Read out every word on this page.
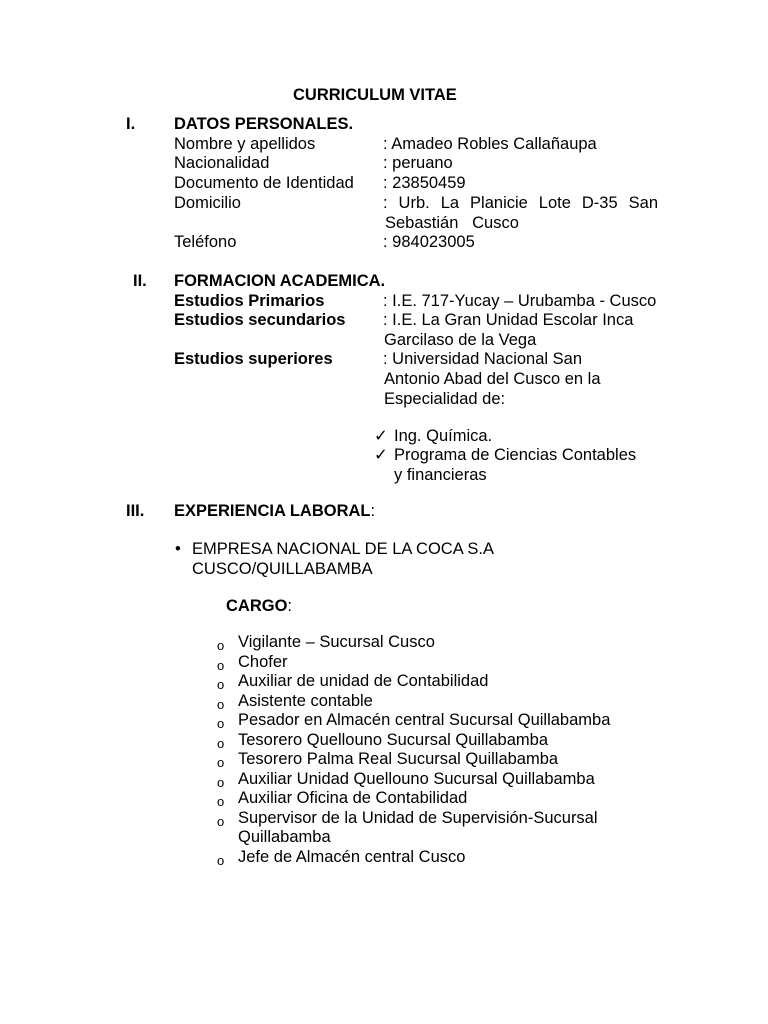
CURRICULUM VITAE
I. DATOS PERSONALES.
Nombre y apellidos	: Amadeo Robles Callañaupa
Nacionalidad	: peruano
Documento de Identidad : 23850459
Domicilio	: Urb. La Planicie Lote D-35 San
Sebastián   Cusco
Teléfono	: 984023005
II. FORMACION ACADEMICA.
Estudios Primarios	: I.E. 717-Yucay – Urubamba - Cusco
Estudios secundarios : I.E. La Gran Unidad Escolar Inca
Garcilaso de la Vega
Estudios superiores	: Universidad Nacional San
Antonio Abad del Cusco en la
Especialidad de:
✓ Ing. Química.
✓ Programa de Ciencias Contables
y financieras
III. EXPERIENCIA LABORAL:
• EMPRESA NACIONAL DE LA COCA S.A
CUSCO/QUILLABAMBA
CARGO:
o Vigilante – Sucursal Cusco
o Chofer
o Auxiliar de unidad de Contabilidad
o Asistente contable
o Pesador en Almacén central Sucursal Quillabamba
o Tesorero Quellouno Sucursal Quillabamba
o Tesorero Palma Real Sucursal Quillabamba
o Auxiliar Unidad Quellouno Sucursal Quillabamba
o Auxiliar Oficina de Contabilidad
o Supervisor de la Unidad de Supervisión-Sucursal
Quillabamba
o Jefe de Almacén central Cusco
